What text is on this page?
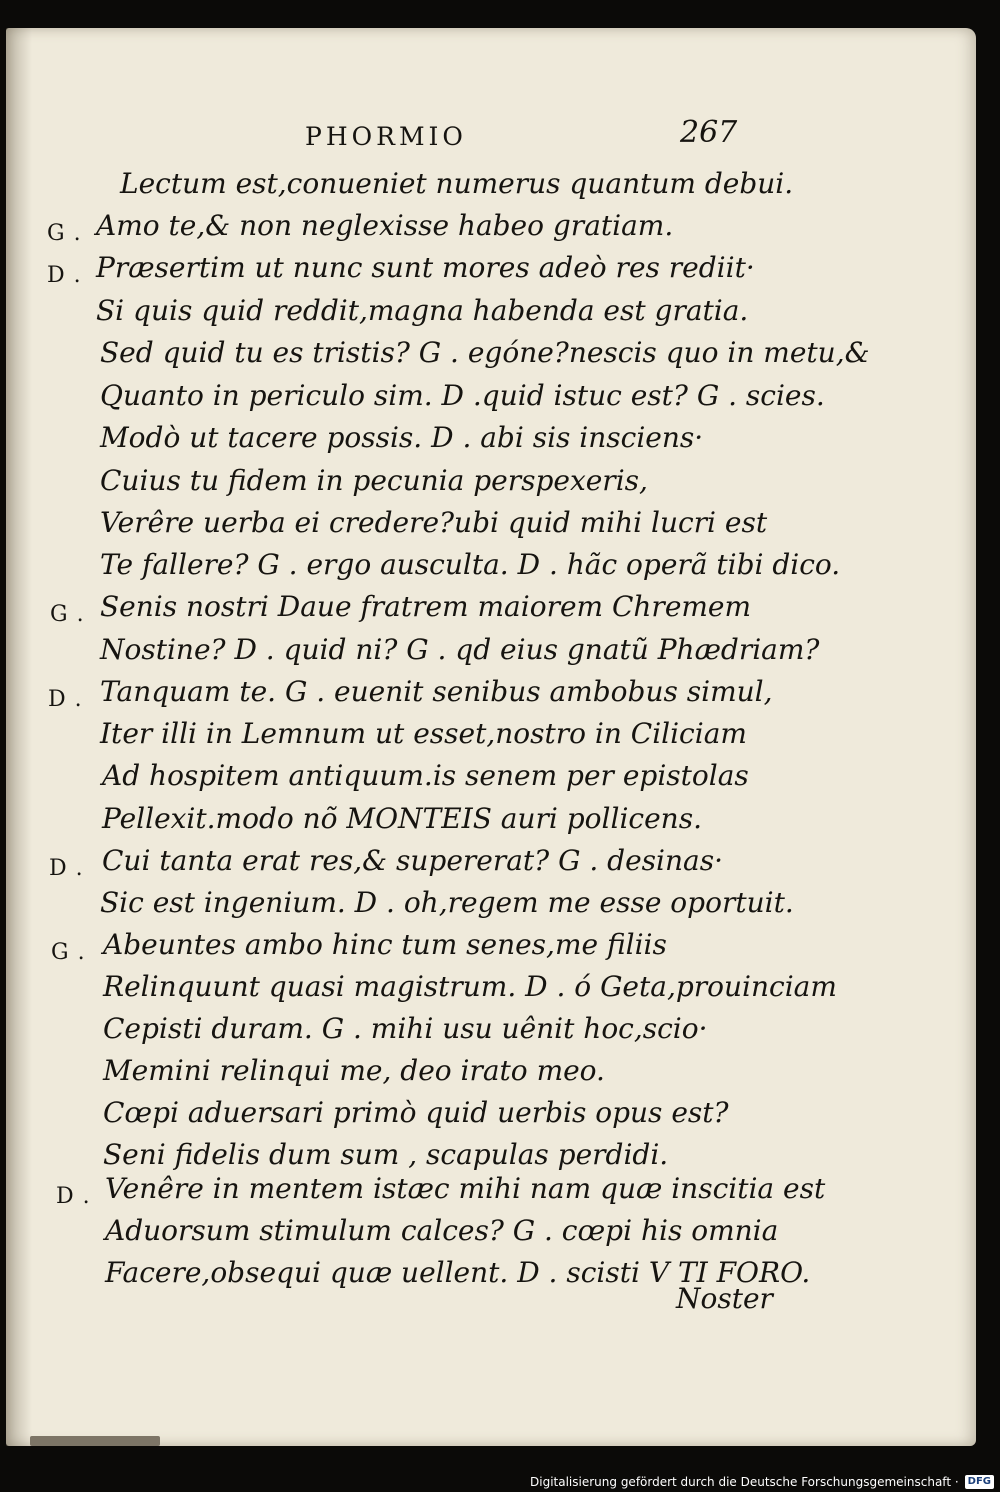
PHORMIO	267
Lectum est,conueniet numerus quantum debui.
G . Amo te,& non neglexisse habeo gratiam.
D . Præsertim ut nunc sunt mores adeò res rediit·
Si quis quid reddit,magna habenda est gratia.
Sed quid tu es tristis? G . egóne?nescis quo in metu,&
Quanto in periculo sim. D .quid istuc est? G . scies.
Modò ut tacere possis. D . abi sis insciens·
Cuius tu fidem in pecunia perspexeris,
Verêre uerba ei credere?ubi quid mihi lucri est
Te fallere? G . ergo ausculta. D . hãc operã tibi dico.
G . Senis nostri Daue fratrem maiorem Chremem
Nostine? D . quid ni? G . qd eius gnatũ Phædriam?
D . Tanquam te. G . euenit senibus ambobus simul,
Iter illi in Lemnum ut esset,nostro in Ciliciam
Ad hospitem antiquum.is senem per epistolas
Pellexit.modo nõ MONTEIS auri pollicens.
D . Cui tanta erat res,& supererat? G . desinas·
Sic est ingenium. D . oh,regem me esse oportuit.
G . Abeuntes ambo hinc tum senes,me filiis
Relinquunt quasi magistrum. D . ó Geta,prouinciam
Cepisti duram. G . mihi usu uênit hoc,scio·
Memini relinqui me, deo irato meo.
Cœpi aduersari primò quid uerbis opus est?
Seni fidelis dum sum , scapulas perdidi.
D . Venêre in mentem istæc mihi nam quæ inscitia est
Aduorsum stimulum calces? G . cœpi his omnia
Facere,obsequi quæ uellent. D . scisti V TI FORO.
Noster
Digitalisierung gefördert durch die Deutsche Forschungsgemeinschaft · DFG
